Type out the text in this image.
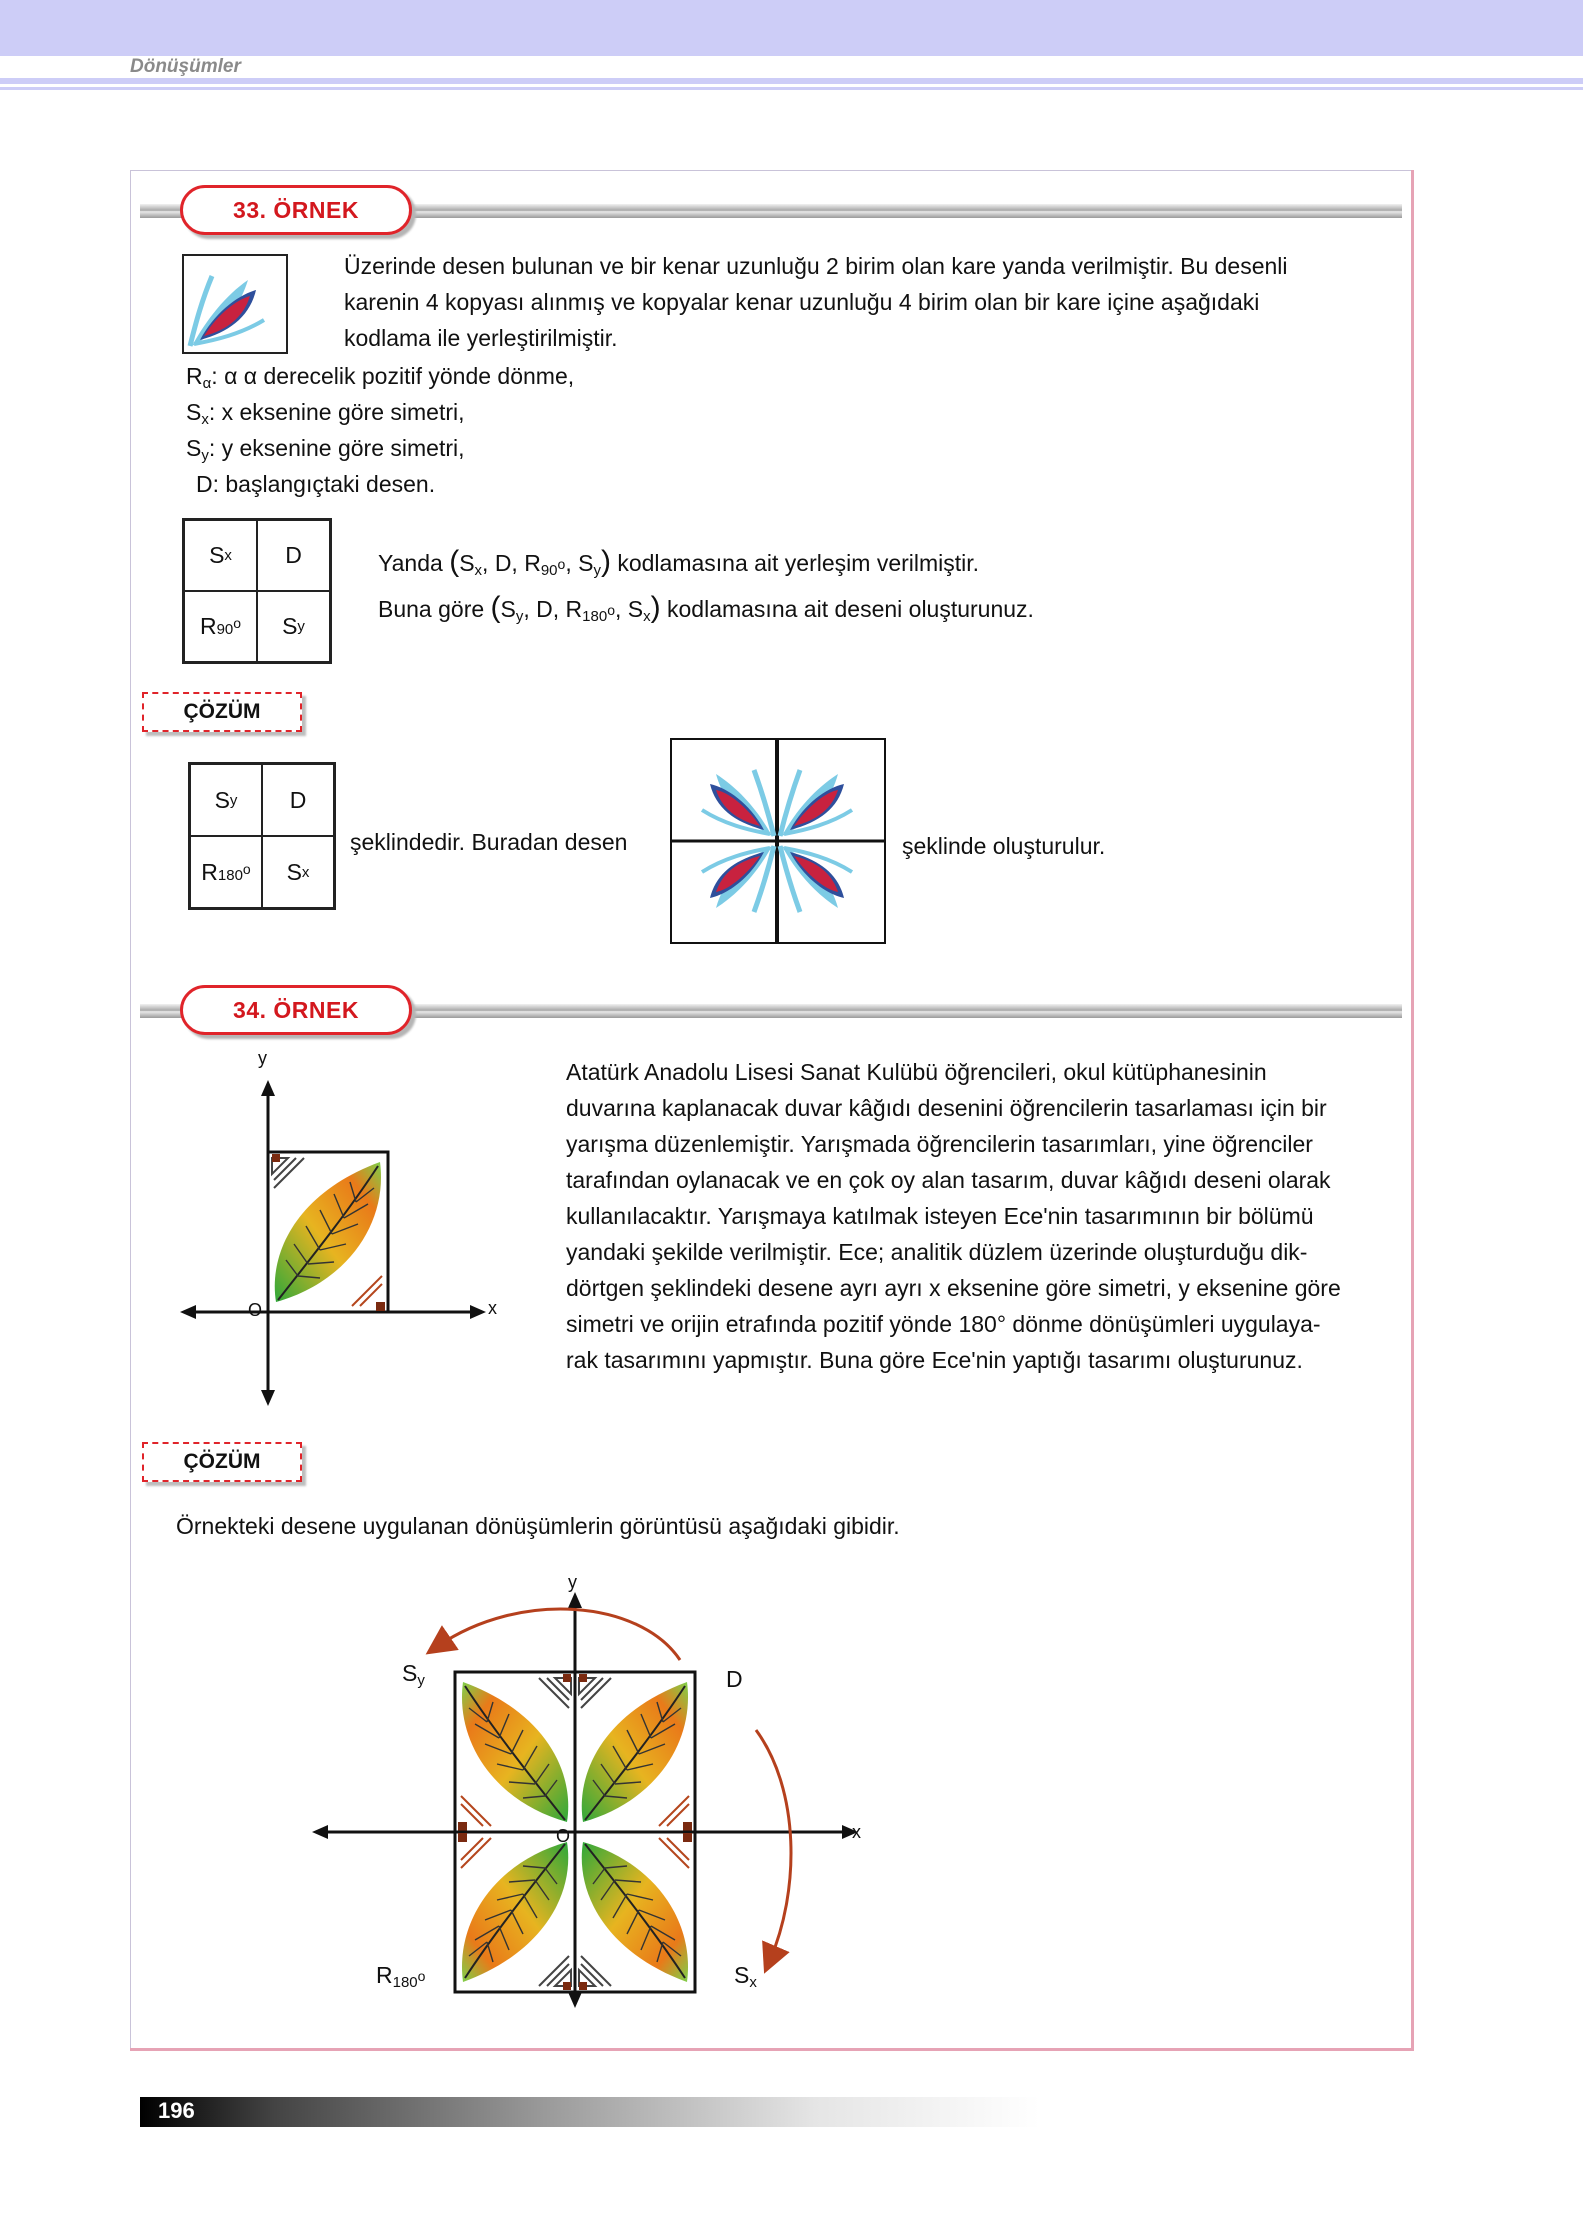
Dönüşümler
33. ÖRNEK
Üzerinde desen bulunan ve bir kenar uzunluğu 2 birim olan kare yanda verilmiştir. Bu desenli
karenin 4 kopyası alınmış ve kopyalar kenar uzunluğu 4 birim olan bir kare içine aşağıdaki
kodlama ile yerleştirilmiştir.
$R_\alpha$: α α derecelik pozitif yönde dönme,
$S_x$: x eksenine göre simetri,
$S_y$: y eksenine göre simetri,
D: başlangıçtaki desen.
S x	D
R 90$^o$	S y
Yanda ($S_x$, D, $R_{90^o}$, $S_y$) kodlamasına ait yerleşim verilmiştir.
Buna göre ($S_y$, D, $R_{180^o}$, $S_x$) kodlamasına ait deseni oluşturunuz.
ÇÖZÜM
S y	D
R 180$^o$	S x
şeklindedir. Buradan desen	şeklinde oluşturulur.
34. ÖRNEK
y
x
O
Atatürk Anadolu Lisesi Sanat Kulübü öğrencileri, okul kütüphanesinin
duvarına kaplanacak duvar kâğıdı desenini öğrencilerin tasarlaması için bir
yarışma düzenlemiştir. Yarışmada öğrencilerin tasarımları, yine öğrenciler
tarafından oylanacak ve en çok oy alan tasarım, duvar kâğıdı deseni olarak
kullanılacaktır. Yarışmaya katılmak isteyen Ece'nin tasarımının bir bölümü
yandaki şekilde verilmiştir. Ece; analitik düzlem üzerinde oluşturduğu dik-
dörtgen şeklindeki desene ayrı ayrı x eksenine göre simetri, y eksenine göre
simetri ve orijin etrafında pozitif yönde 180° dönme dönüşümleri uygulaya-
rak tasarımını yapmıştır. Buna göre Ece'nin yaptığı tasarımı oluşturunuz.
ÇÖZÜM
Örnekteki desene uygulanan dönüşümlerin görüntüsü aşağıdaki gibidir.
y
x
O
$S_y$	D
$R_{180^o}$	$S_x$
196
